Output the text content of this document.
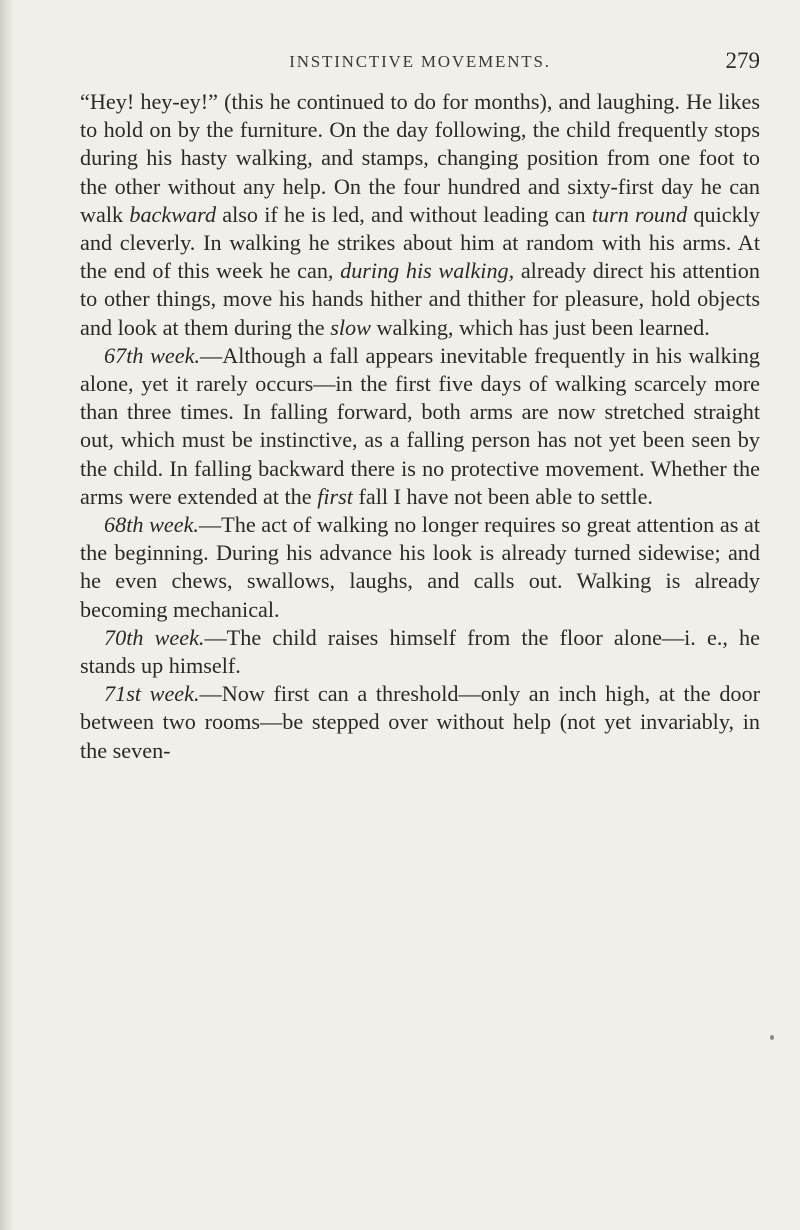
INSTINCTIVE MOVEMENTS.	279

“Hey! hey-ey!” (this he continued to do for months), and laughing. He likes to hold on by the furniture. On the day following, the child frequently stops during his hasty walking, and stamps, changing position from one foot to the other without any help. On the four hundred and sixty-first day he can walk backward also if he is led, and without leading can turn round quickly and cleverly. In walking he strikes about him at random with his arms. At the end of this week he can, during his walking, already direct his attention to other things, move his hands hither and thither for pleasure, hold objects and look at them during the slow walking, which has just been learned.

67th week.—Although a fall appears inevitable frequently in his walking alone, yet it rarely occurs—in the first five days of walking scarcely more than three times. In falling forward, both arms are now stretched straight out, which must be instinctive, as a falling person has not yet been seen by the child. In falling backward there is no protective movement. Whether the arms were extended at the first fall I have not been able to settle.

68th week.—The act of walking no longer requires so great attention as at the beginning. During his advance his look is already turned sidewise; and he even chews, swallows, laughs, and calls out. Walking is already becoming mechanical.

70th week.—The child raises himself from the floor alone—i. e., he stands up himself.

71st week.—Now first can a threshold—only an inch high, at the door between two rooms—be stepped over without help (not yet invariably, in the seven-
